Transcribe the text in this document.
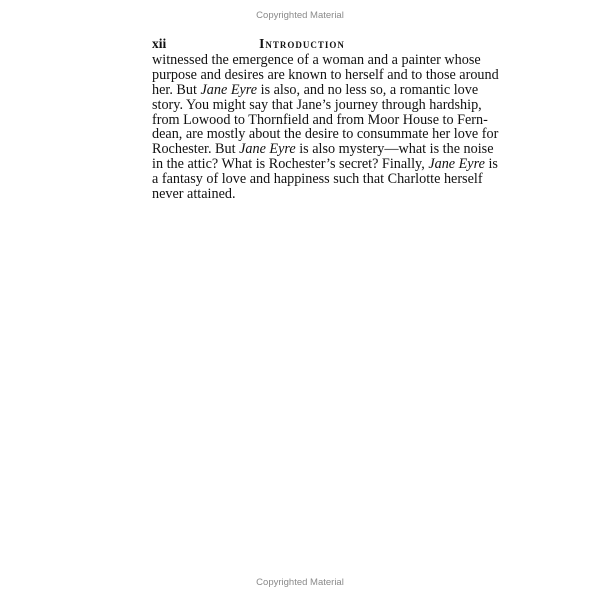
Copyrighted Material
xii	Introduction
witnessed the emergence of a woman and a painter whose
purpose and desires are known to herself and to those around
her. But Jane Eyre is also, and no less so, a romantic love
story. You might say that Jane’s journey through hardship,
from Lowood to Thornfield and from Moor House to Fern-
dean, are mostly about the desire to consummate her love for
Rochester. But Jane Eyre is also mystery—what is the noise
in the attic? What is Rochester’s secret? Finally, Jane Eyre is
a fantasy of love and happiness such that Charlotte herself
never attained.
Copyrighted Material
